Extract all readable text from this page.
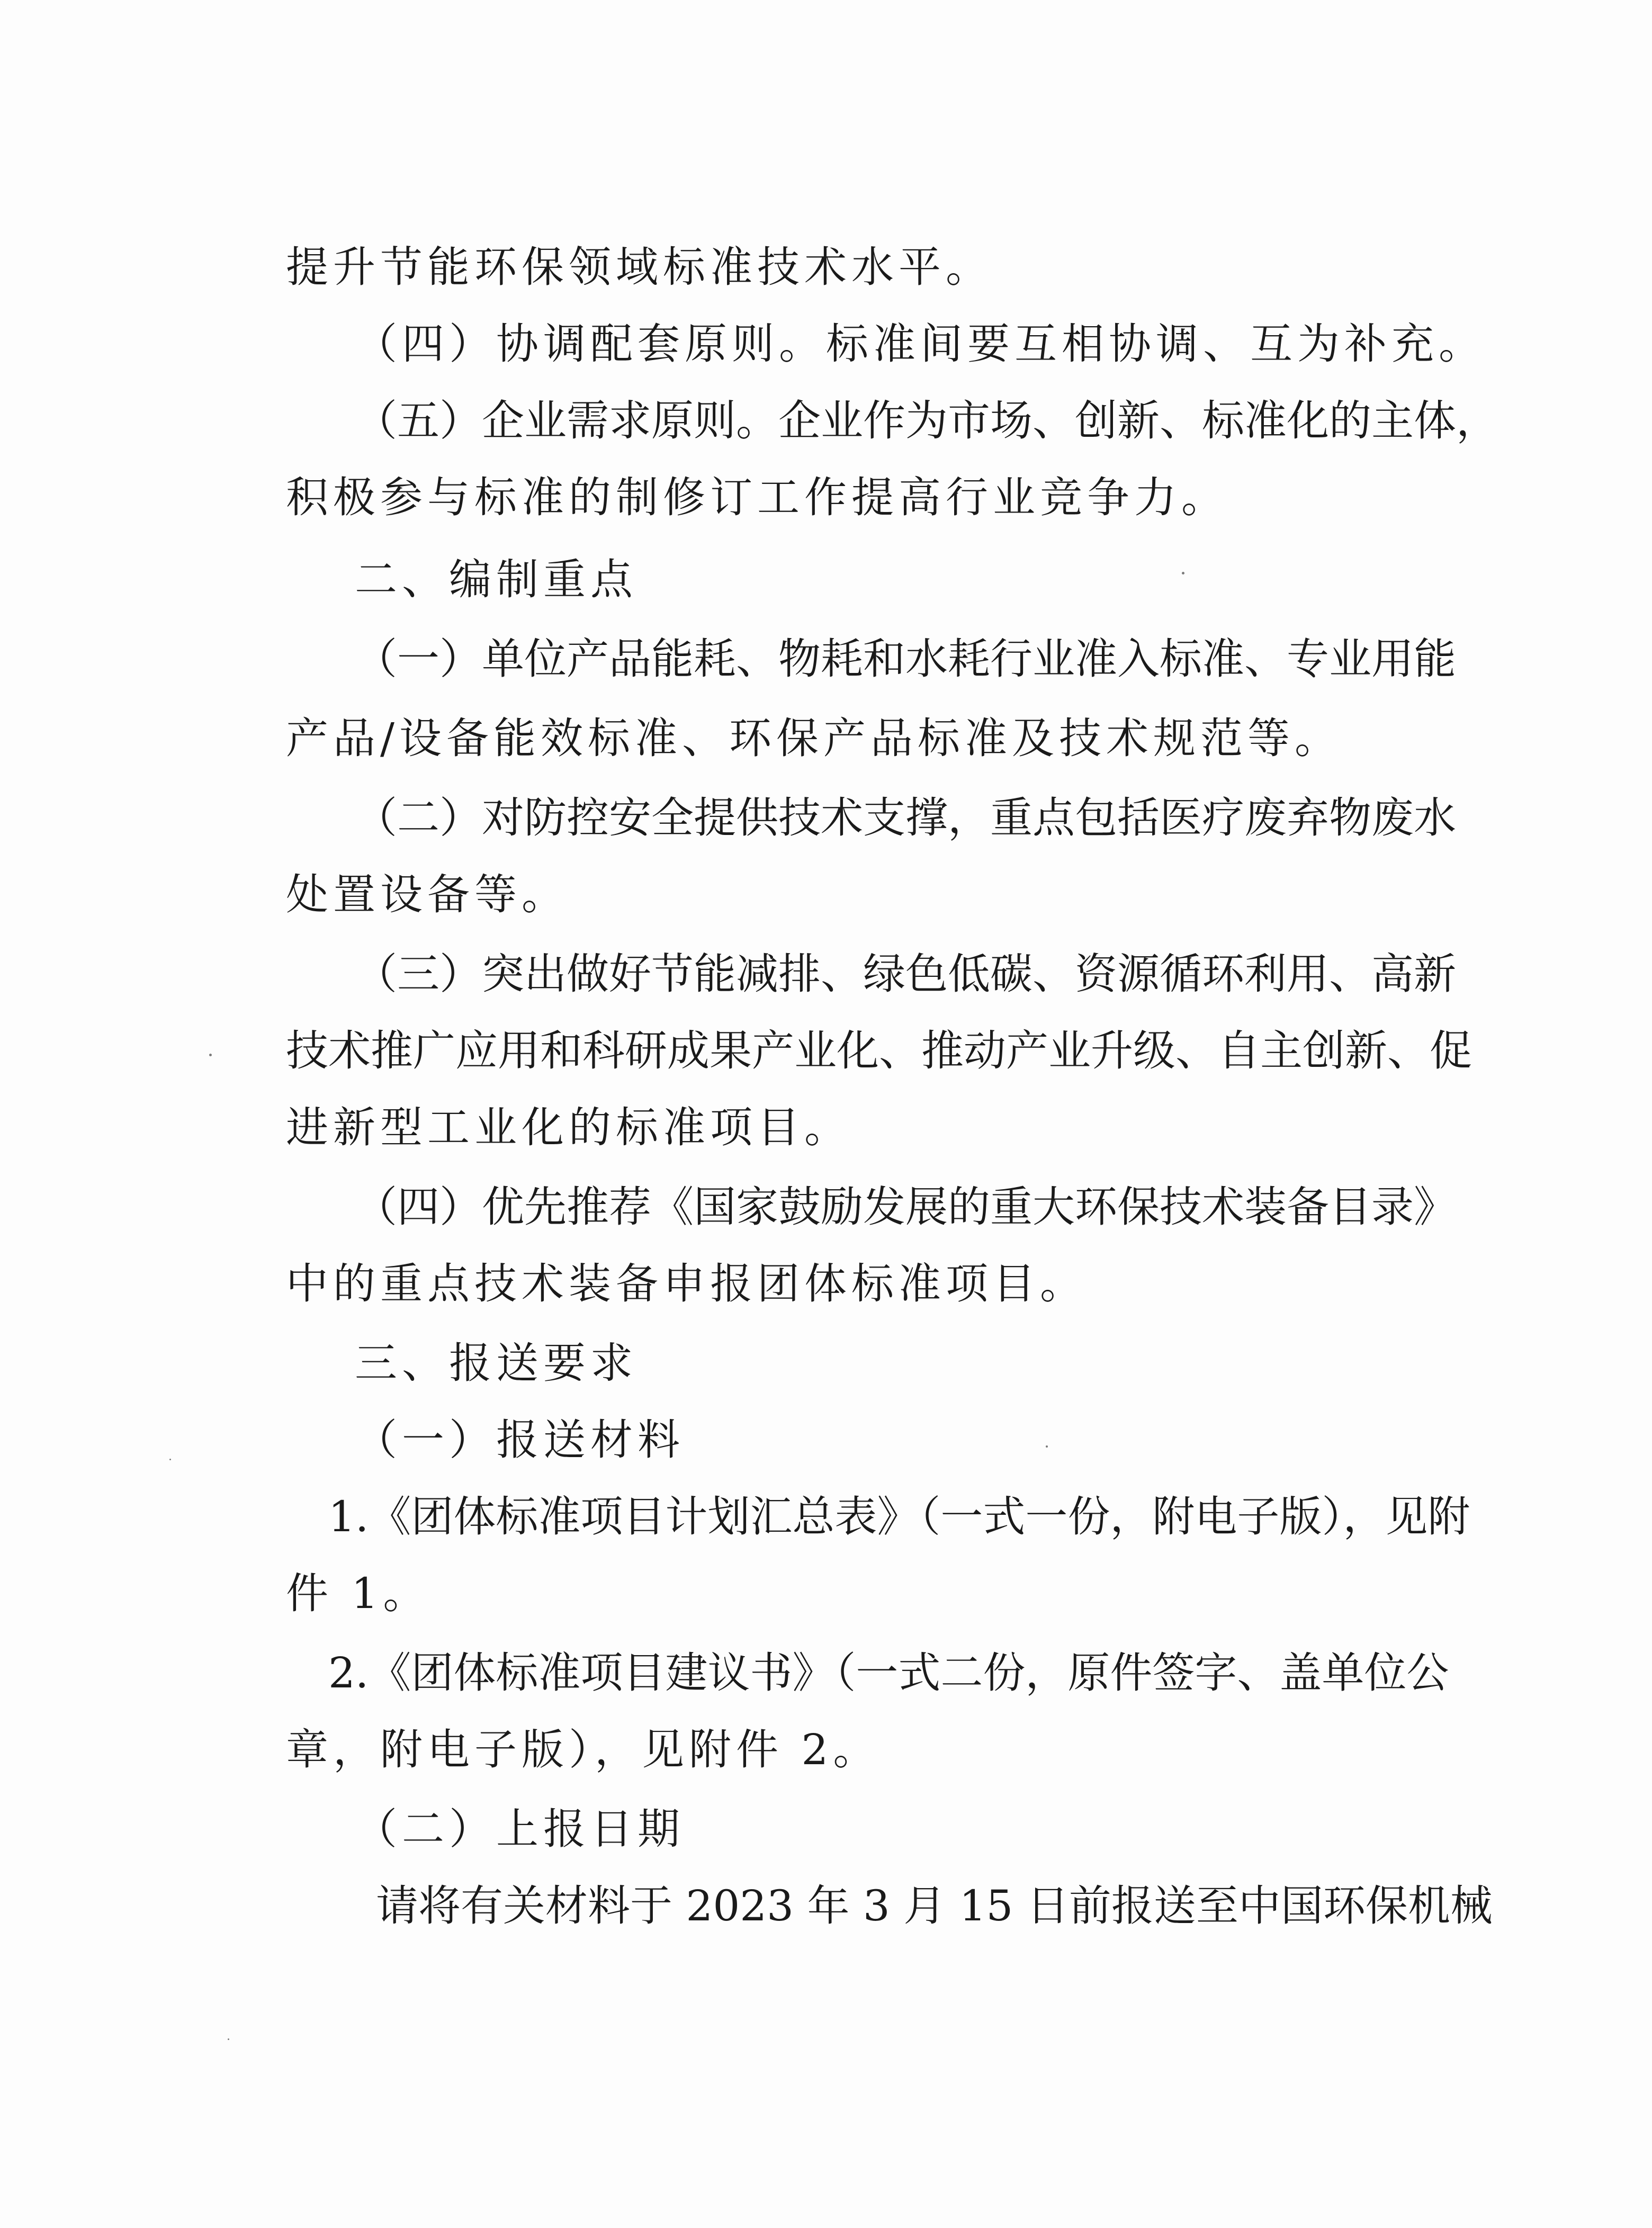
提升节能环保领域标准技术水平。
（四）协调配套原则。标准间要互相协调、互为补充。
（五）企业需求原则。企业作为市场、创新、标准化的主体，
积极参与标准的制修订工作提高行业竞争力。
二、编制重点
（一）单位产品能耗、物耗和水耗行业准入标准、专业用能
产品/设备能效标准、环保产品标准及技术规范等。
（二）对防控安全提供技术支撑，重点包括医疗废弃物废水
处置设备等。
（三）突出做好节能减排、绿色低碳、资源循环利用、高新
技术推广应用和科研成果产业化、推动产业升级、自主创新、促
进新型工业化的标准项目。
（四）优先推荐《国家鼓励发展的重大环保技术装备目录》
中的重点技术装备申报团体标准项目。
三、报送要求
（一）报送材料
1.《团体标准项目计划汇总表》（一式一份，附电子版），见附
件 1。
2.《团体标准项目建议书》（一式二份，原件签字、盖单位公
章，附电子版），见附件 2。
（二）上报日期
请将有关材料于 2023 年 3 月 15 日前报送至中国环保机械
